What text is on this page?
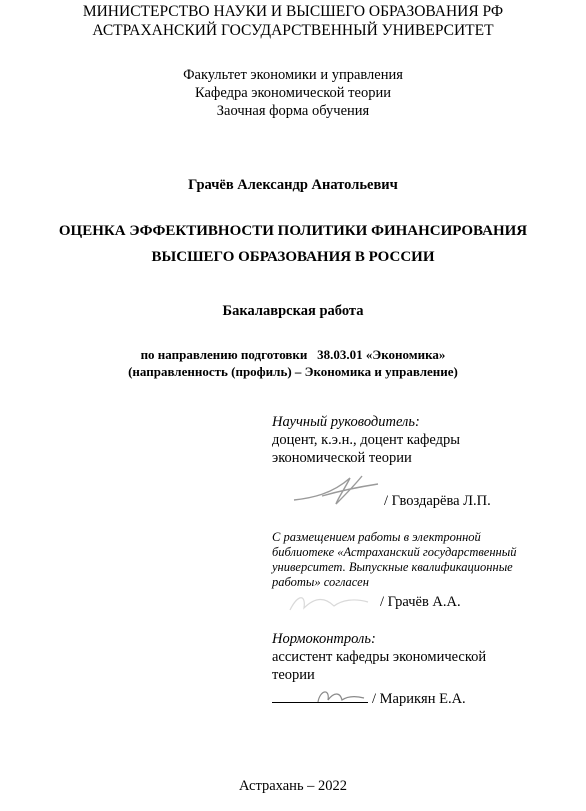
МИНИСТЕРСТВО НАУКИ И ВЫСШЕГО ОБРАЗОВАНИЯ РФ
АСТРАХАНСКИЙ ГОСУДАРСТВЕННЫЙ УНИВЕРСИТЕТ
Факультет экономики и управления
Кафедра экономической теории
Заочная форма обучения
Грачёв Александр Анатольевич
ОЦЕНКА ЭФФЕКТИВНОСТИ ПОЛИТИКИ ФИНАНСИРОВАНИЯ
ВЫСШЕГО ОБРАЗОВАНИЯ В РОССИИ
Бакалаврская работа
по направлению подготовки   38.03.01 «Экономика»
(направленность (профиль) – Экономика и управление)
Научный руководитель:
доцент, к.э.н., доцент кафедры
экономической теории
/ Гвоздарёва Л.П.
С размещением работы в электронной
библиотеке «Астраханский государственный
университет. Выпускные квалификационные
работы» согласен
/ Грачёв А.А.
Нормоконтроль:
ассистент кафедры экономической
теории
/ Марикян Е.А.
Астрахань – 2022
